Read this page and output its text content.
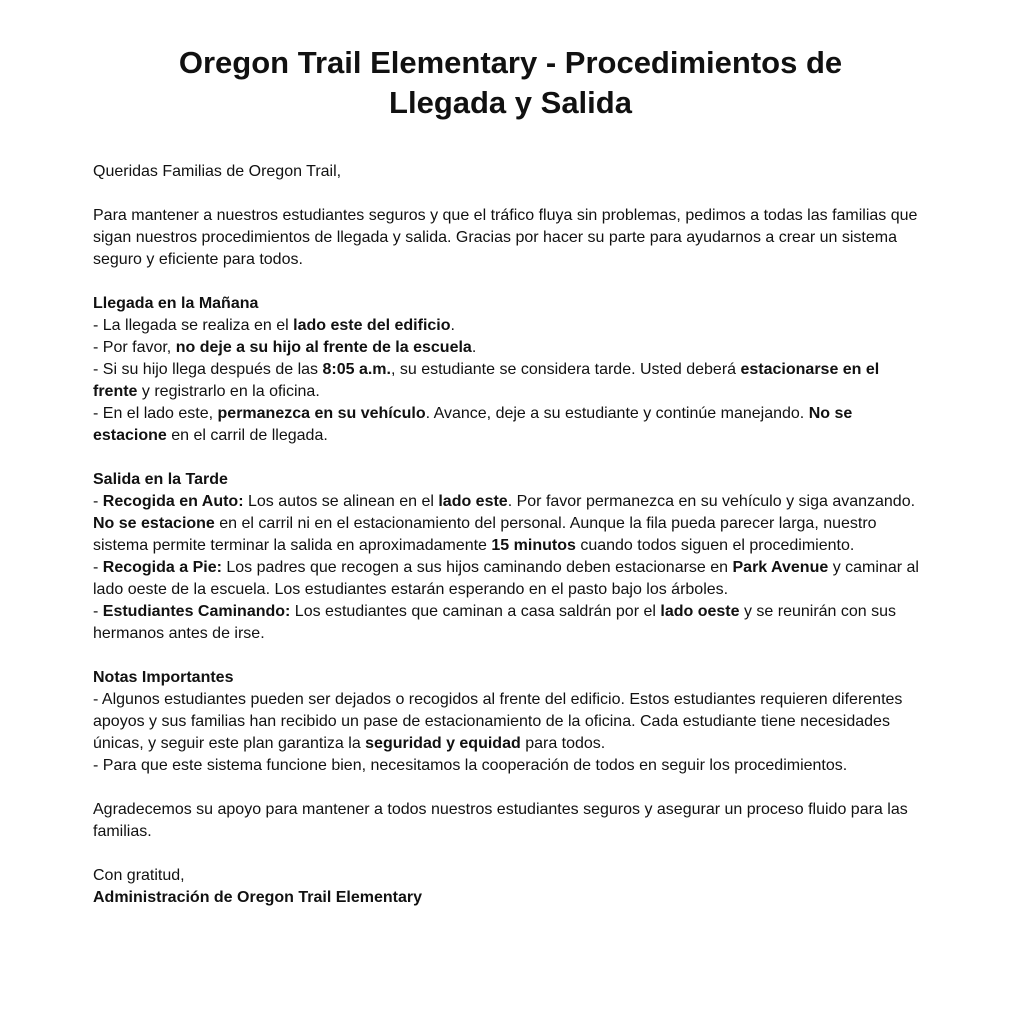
Oregon Trail Elementary - Procedimientos de Llegada y Salida

Queridas Familias de Oregon Trail,

Para mantener a nuestros estudiantes seguros y que el tráfico fluya sin problemas, pedimos a todas las familias que sigan nuestros procedimientos de llegada y salida. Gracias por hacer su parte para ayudarnos a crear un sistema seguro y eficiente para todos.

Llegada en la Mañana

- La llegada se realiza en el lado este del edificio.

- Por favor, no deje a su hijo al frente de la escuela.

- Si su hijo llega después de las 8:05 a.m., su estudiante se considera tarde. Usted deberá estacionarse en el frente y registrarlo en la oficina.

- En el lado este, permanezca en su vehículo. Avance, deje a su estudiante y continúe manejando. No se estacione en el carril de llegada.

Salida en la Tarde

- Recogida en Auto: Los autos se alinean en el lado este. Por favor permanezca en su vehículo y siga avanzando. No se estacione en el carril ni en el estacionamiento del personal. Aunque la fila pueda parecer larga, nuestro sistema permite terminar la salida en aproximadamente 15 minutos cuando todos siguen el procedimiento.

- Recogida a Pie: Los padres que recogen a sus hijos caminando deben estacionarse en Park Avenue y caminar al lado oeste de la escuela. Los estudiantes estarán esperando en el pasto bajo los árboles.

- Estudiantes Caminando: Los estudiantes que caminan a casa saldrán por el lado oeste y se reunirán con sus hermanos antes de irse.

Notas Importantes

- Algunos estudiantes pueden ser dejados o recogidos al frente del edificio. Estos estudiantes requieren diferentes apoyos y sus familias han recibido un pase de estacionamiento de la oficina. Cada estudiante tiene necesidades únicas, y seguir este plan garantiza la seguridad y equidad para todos.

- Para que este sistema funcione bien, necesitamos la cooperación de todos en seguir los procedimientos.

Agradecemos su apoyo para mantener a todos nuestros estudiantes seguros y asegurar un proceso fluido para las familias.

Con gratitud,

Administración de Oregon Trail Elementary
